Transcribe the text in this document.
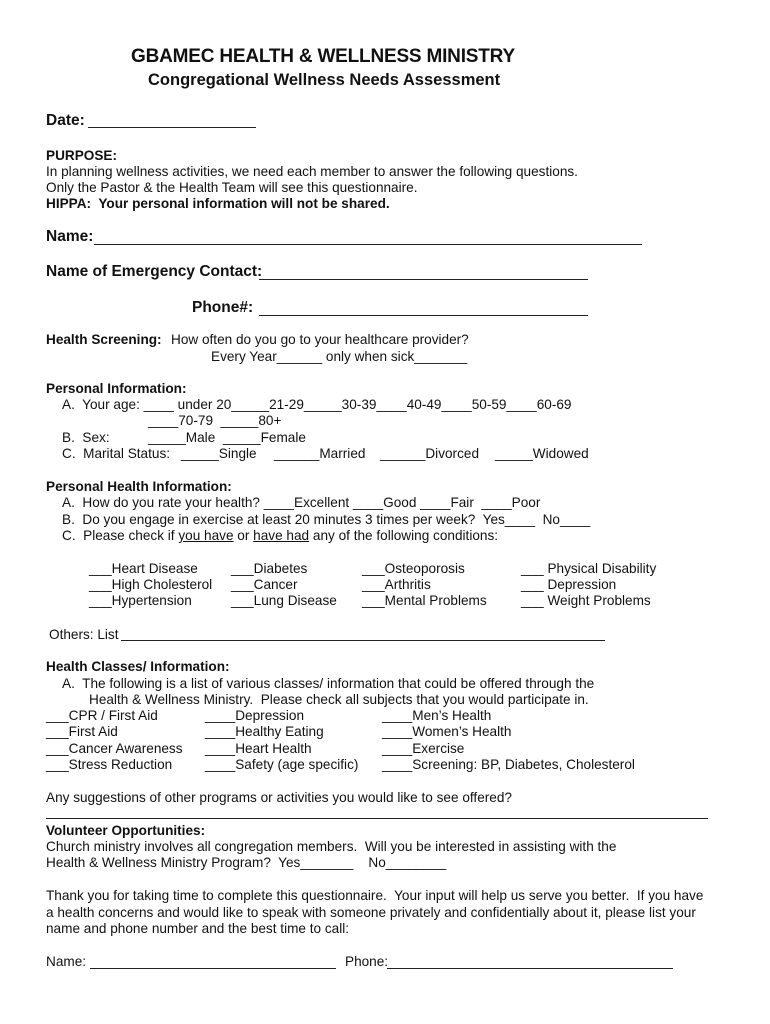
GBAMEC HEALTH & WELLNESS MINISTRY
Congregational Wellness Needs Assessment
Date:
PURPOSE:
In planning wellness activities, we need each member to answer the following questions.
Only the Pastor & the Health Team will see this questionnaire.
HIPPA:  Your personal information will not be shared.
Name:
Name of Emergency Contact:
Phone#:
Health Screening: How often do you go to your healthcare provider?
Every Year______ only when sick_______
Personal Information:
A.  Your age: ____ under 20_____21-29_____30-39____40-49____50-59____60-69
____70-79  _____80+
B.  Sex:	_____Male  _____Female
C.  Marital Status: _____Single ______Married ______Divorced _____Widowed
Personal Health Information:
A.  How do you rate your health? ____Excellent ____Good ____Fair  ____Poor
B.  Do you engage in exercise at least 20 minutes 3 times per week?  Yes____  No____
C.  Please check if you have or have had any of the following conditions:
___Heart Disease ___Diabetes	___Osteoporosis	___ Physical Disability
___High Cholesterol ___Cancer	___Arthritis	___ Depression
___Hypertension	___Lung Disease ___Mental Problems	___ Weight Problems
Others: List
Health Classes/ Information:
A.  The following is a list of various classes/ information that could be offered through the
Health & Wellness Ministry.  Please check all subjects that you would participate in.
___CPR / First Aid	____Depression	____Men’s Health
___First Aid	____Healthy Eating	____Women’s Health
___Cancer Awareness ____Heart Health	____Exercise
___Stress Reduction ____Safety (age specific) ____Screening: BP, Diabetes, Cholesterol
Any suggestions of other programs or activities you would like to see offered?
Volunteer Opportunities:
Church ministry involves all congregation members.  Will you be interested in assisting with the
Health & Wellness Ministry Program?  Yes_______    No________
Thank you for taking time to complete this questionnaire.  Your input will help us serve you better.  If you have
a health concerns and would like to speak with someone privately and confidentially about it, please list your
name and phone number and the best time to call:
Name:	Phone:
